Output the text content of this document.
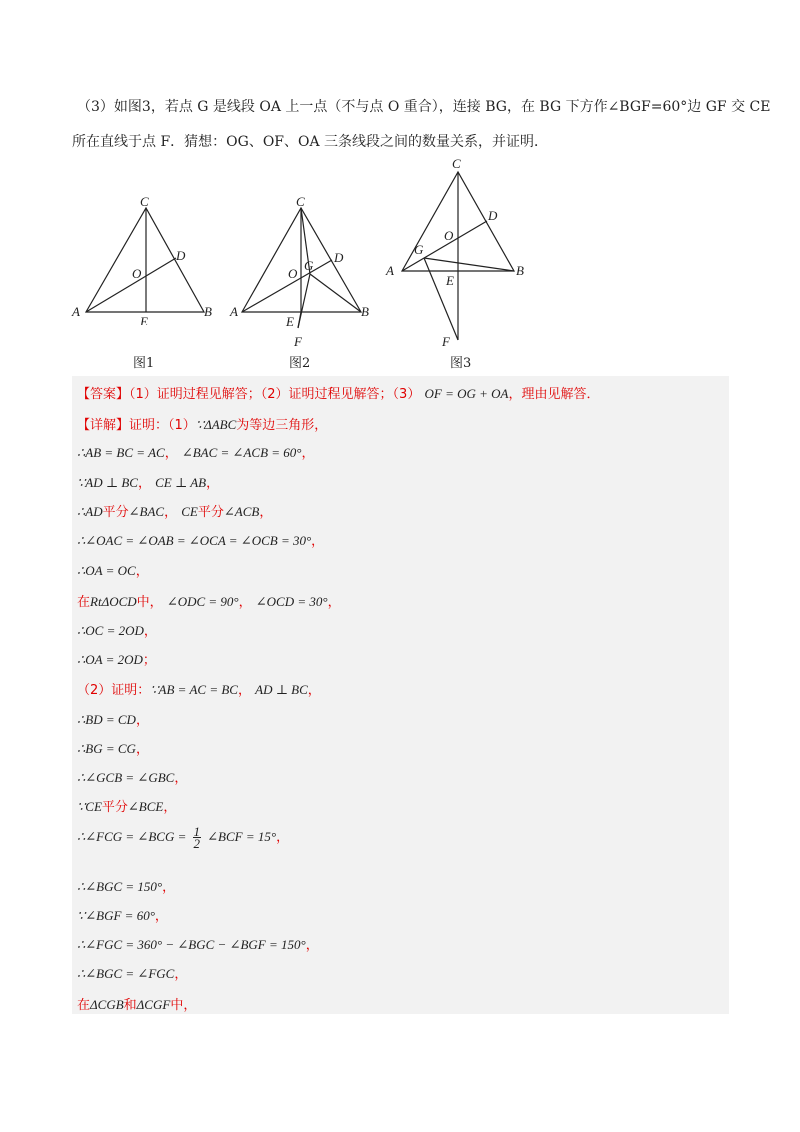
（3）如图3，若点 G 是线段 OA 上一点（不与点 O 重合），连接 BG，在 BG 下方作∠BGF=60°边 GF 交 CE
所在直线于点 F．猜想：OG、OF、OA 三条线段之间的数量关系，并证明．
C
D
O
A
E
B
图1
C
D
G
O
A
E
B
F
图2
C
D
O
G
A
E
B
F
图3
【答案】（1）证明过程见解答；（2）证明过程见解答；（3） OF = OG + OA，理由见解答．
【详解】证明：（1）∵ΔABC为等边三角形，
∴AB = BC = AC， ∠BAC = ∠ACB = 60°，
∵AD ⊥ BC， CE ⊥ AB，
∴AD平分∠BAC， CE平分∠ACB，
∴∠OAC = ∠OAB = ∠OCA = ∠OCB = 30°，
∴OA = OC，
在RtΔOCD中， ∠ODC = 90°， ∠OCD = 30°，
∴OC = 2OD，
∴OA = 2OD；
（2）证明：∵AB = AC = BC， AD ⊥ BC，
∴BD = CD，
∴BG = CG，
∴∠GCB = ∠GBC，
∵CE平分∠BCE，
∴∠FCG = ∠BCG = $\frac{1}{2}$ ∠BCF = 15°，
∴∠BGC = 150°，
∵∠BGF = 60°，
∴∠FGC = 360° − ∠BGC − ∠BGF = 150°，
∴∠BGC = ∠FGC，
在ΔCGB和ΔCGF中，
